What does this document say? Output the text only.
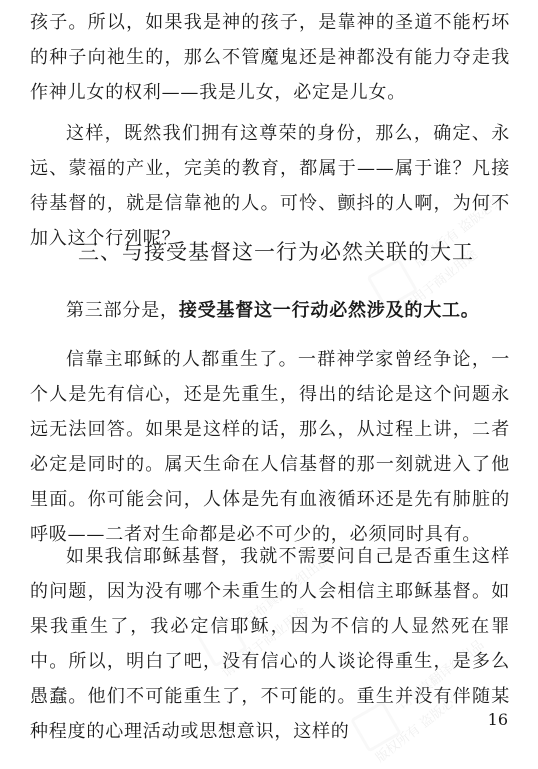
版权所有 盗版必究
请勿用于商业用途
司布真翻译组出品
请勿用于商业用途	司布真翻译组出品
版权所有 盗版必究

孩子。所以，如果我是神的孩子，是靠神的圣道不能朽坏的种子向祂生的，那么不管魔鬼还是神都没有能力夺走我作神儿女的权利——我是儿女，必定是儿女。

这样，既然我们拥有这尊荣的身份，那么，确定、永远、蒙福的产业，完美的教育，都属于——属于谁？凡接待基督的，就是信靠祂的人。可怜、颤抖的人啊，为何不加入这个行列呢？

三、与接受基督这一行为必然关联的大工

第三部分是，接受基督这一行动必然涉及的大工。

信靠主耶稣的人都重生了。一群神学家曾经争论，一个人是先有信心，还是先重生，得出的结论是这个问题永远无法回答。如果是这样的话，那么，从过程上讲，二者必定是同时的。属天生命在人信基督的那一刻就进入了他里面。你可能会问，人体是先有血液循环还是先有肺脏的呼吸——二者对生命都是必不可少的，必须同时具有。

如果我信耶稣基督，我就不需要问自己是否重生这样的问题，因为没有哪个未重生的人会相信主耶稣基督。如果我重生了，我必定信耶稣，因为不信的人显然死在罪中。所以，明白了吧，没有信心的人谈论得重生，是多么愚蠢。他们不可能重生了，不可能的。重生并没有伴随某种程度的心理活动或思想意识，这样的

16
